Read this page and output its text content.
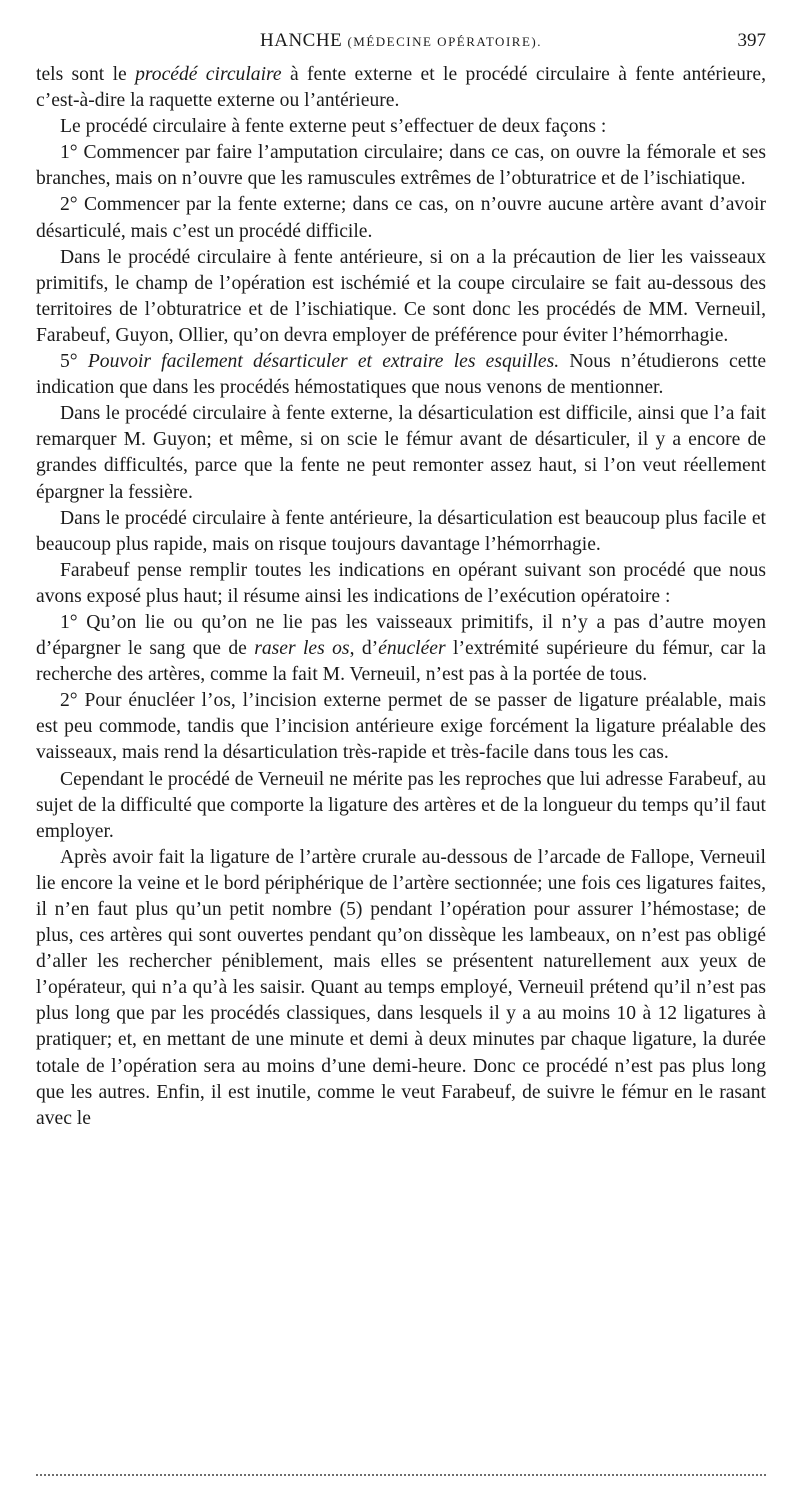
HANCHE (MÉDECINE OPÉRATOIRE).	397

tels sont le procédé circulaire à fente externe et le procédé circulaire à fente antérieure, c’est-à-dire la raquette externe ou l’antérieure.

Le procédé circulaire à fente externe peut s’effectuer de deux façons :

1° Commencer par faire l’amputation circulaire; dans ce cas, on ouvre la fémorale et ses branches, mais on n’ouvre que les ramuscules extrêmes de l’obturatrice et de l’ischiatique.

2° Commencer par la fente externe; dans ce cas, on n’ouvre aucune artère avant d’avoir désarticulé, mais c’est un procédé difficile.

Dans le procédé circulaire à fente antérieure, si on a la précaution de lier les vaisseaux primitifs, le champ de l’opération est ischémié et la coupe circulaire se fait au-dessous des territoires de l’obturatrice et de l’ischiatique. Ce sont donc les procédés de MM. Verneuil, Farabeuf, Guyon, Ollier, qu’on devra employer de préférence pour éviter l’hémorrhagie.

5° Pouvoir facilement désarticuler et extraire les esquilles. Nous n’étudierons cette indication que dans les procédés hémostatiques que nous venons de mentionner.

Dans le procédé circulaire à fente externe, la désarticulation est difficile, ainsi que l’a fait remarquer M. Guyon; et même, si on scie le fémur avant de désarticuler, il y a encore de grandes difficultés, parce que la fente ne peut remonter assez haut, si l’on veut réellement épargner la fessière.

Dans le procédé circulaire à fente antérieure, la désarticulation est beaucoup plus facile et beaucoup plus rapide, mais on risque toujours davantage l’hémorrhagie.

Farabeuf pense remplir toutes les indications en opérant suivant son procédé que nous avons exposé plus haut; il résume ainsi les indications de l’exécution opératoire :

1° Qu’on lie ou qu’on ne lie pas les vaisseaux primitifs, il n’y a pas d’autre moyen d’épargner le sang que de raser les os, d’énucléer l’extrémité supérieure du fémur, car la recherche des artères, comme la fait M. Verneuil, n’est pas à la portée de tous.

2° Pour énucléer l’os, l’incision externe permet de se passer de ligature préalable, mais est peu commode, tandis que l’incision antérieure exige forcément la ligature préalable des vaisseaux, mais rend la désarticulation très-rapide et très-facile dans tous les cas.

Cependant le procédé de Verneuil ne mérite pas les reproches que lui adresse Farabeuf, au sujet de la difficulté que comporte la ligature des artères et de la longueur du temps qu’il faut employer.

Après avoir fait la ligature de l’artère crurale au-dessous de l’arcade de Fallope, Verneuil lie encore la veine et le bord périphérique de l’artère sectionnée; une fois ces ligatures faites, il n’en faut plus qu’un petit nombre (5) pendant l’opération pour assurer l’hémostase; de plus, ces artères qui sont ouvertes pendant qu’on dissèque les lambeaux, on n’est pas obligé d’aller les rechercher péniblement, mais elles se présentent naturellement aux yeux de l’opérateur, qui n’a qu’à les saisir. Quant au temps employé, Verneuil prétend qu’il n’est pas plus long que par les procédés classiques, dans lesquels il y a au moins 10 à 12 ligatures à pratiquer; et, en mettant de une minute et demi à deux minutes par chaque ligature, la durée totale de l’opération sera au moins d’une demi-heure. Donc ce procédé n’est pas plus long que les autres. Enfin, il est inutile, comme le veut Farabeuf, de suivre le fémur en le rasant avec le
